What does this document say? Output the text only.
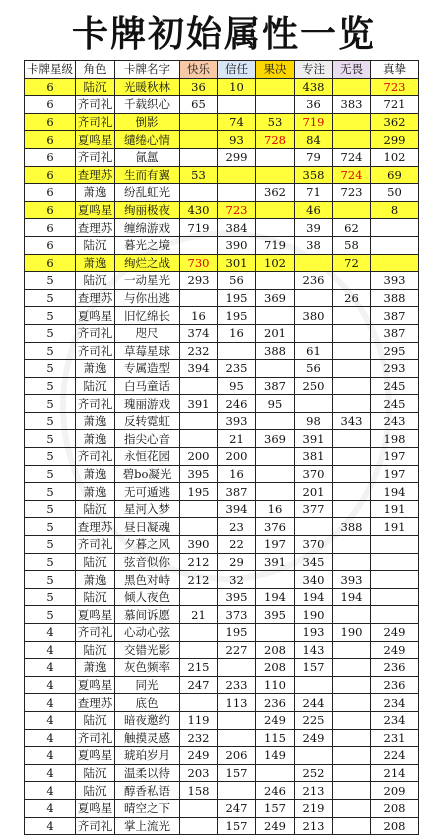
卡牌初始属性一览
卡牌星级	角色	卡牌名字	快乐	信任	果决	专注	无畏	真挚
6	陆沉	光暖秋林	36	10		438		723
6	齐司礼	千载织心	65			36	383	721
6	齐司礼	倒影		74	53	719		362
6	夏鸣星	缱绻心情		93	728	84		299
6	齐司礼	氤氲		299		79	724	102
6	查理苏	生而有翼	53			358	724	69
6	萧逸	纷乱虹光			362	71	723	50
6	夏鸣星	绚丽极夜	430	723		46		8
6	查理苏	缠绵游戏	719	384		39	62	
6	陆沉	暮光之境		390	719	38	58	
6	萧逸	绚烂之战	730	301	102		72	
5	陆沉	一动星光	293	56		236		393
5	查理苏	与你出逃		195	369		26	388
5	夏鸣星	旧忆绵长	16	195		380		387
5	齐司礼	咫尺	374	16	201			387
5	齐司礼	草莓星球	232		388	61		295
5	萧逸	专属造型	394	235		56		293
5	陆沉	白马童话		95	387	250		245
5	齐司礼	瑰丽游戏	391	246	95			245
5	萧逸	反转霓虹		393		98	343	243
5	萧逸	指尖心音		21	369	391		198
5	齐司礼	永恒花园	200	200		381		197
5	萧逸	碧bo凝光	395	16		370		197
5	萧逸	无可遁逃	195	387		201		194
5	陆沉	星河入梦		394	16	377		191
5	查理苏	昼日凝魂		23	376		388	191
5	齐司礼	夕暮之风	390	22	197	370		
5	陆沉	弦音似你	212	29	391	345		
5	萧逸	黑色对峙	212	32		340	393	
5	陆沉	倾人夜色		395	194	194	194	
5	夏鸣星	慕间诉愿	21	373	395	190		
4	齐司礼	心动心弦		195		193	190	249
4	陆沉	交错光影		227	208	143		249
4	萧逸	灰色频率	215		208	157		236
4	夏鸣星	同光	247	233	110			236
4	查理苏	底色		113	236	244		234
4	陆沉	暗夜邀约	119		249	225		234
4	齐司礼	触摸灵感	232		115	249		231
4	夏鸣星	琥珀岁月	249	206	149			224
4	陆沉	温柔以待	203	157		252		214
4	陆沉	醇香私语	158		246	213		209
4	夏鸣星	晴空之下		247	157	219		208
4	齐司礼	掌上流光		157	249	213		208
